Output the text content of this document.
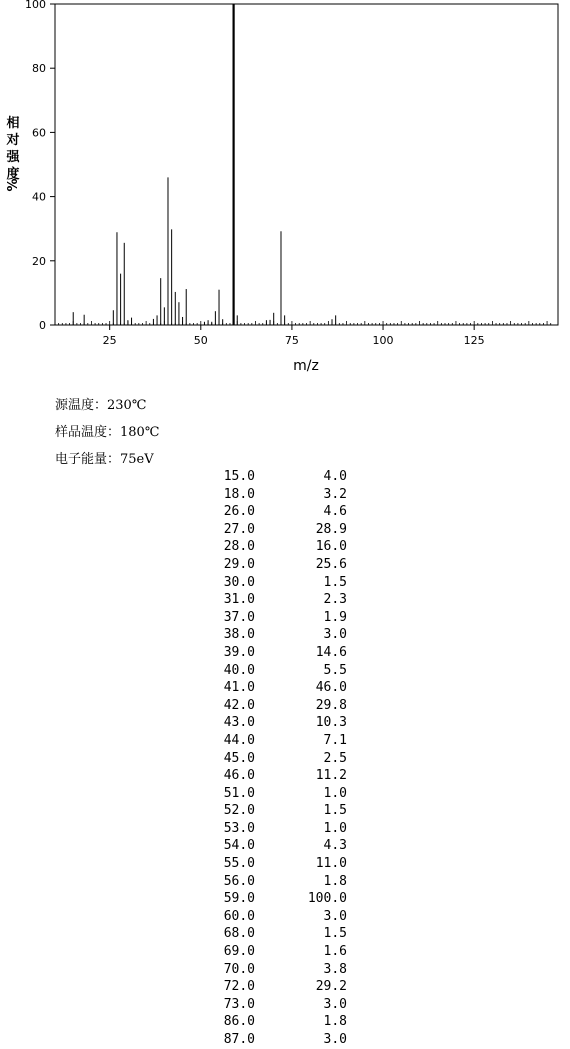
25	50	75	100	125
0
20
40
60
80
100
m/z
相对强度
%
源温度：230℃
样品温度：180℃
电子能量：75eV
15.0	4.0
18.0	3.2
26.0	4.6
27.0	28.9
28.0	16.0
29.0	25.6
30.0	1.5
31.0	2.3
37.0	1.9
38.0	3.0
39.0	14.6
40.0	5.5
41.0	46.0
42.0	29.8
43.0	10.3
44.0	7.1
45.0	2.5
46.0	11.2
51.0	1.0
52.0	1.5
53.0	1.0
54.0	4.3
55.0	11.0
56.0	1.8
59.0	100.0
60.0	3.0
68.0	1.5
69.0	1.6
70.0	3.8
72.0	29.2
73.0	3.0
86.0	1.8
87.0	3.0
